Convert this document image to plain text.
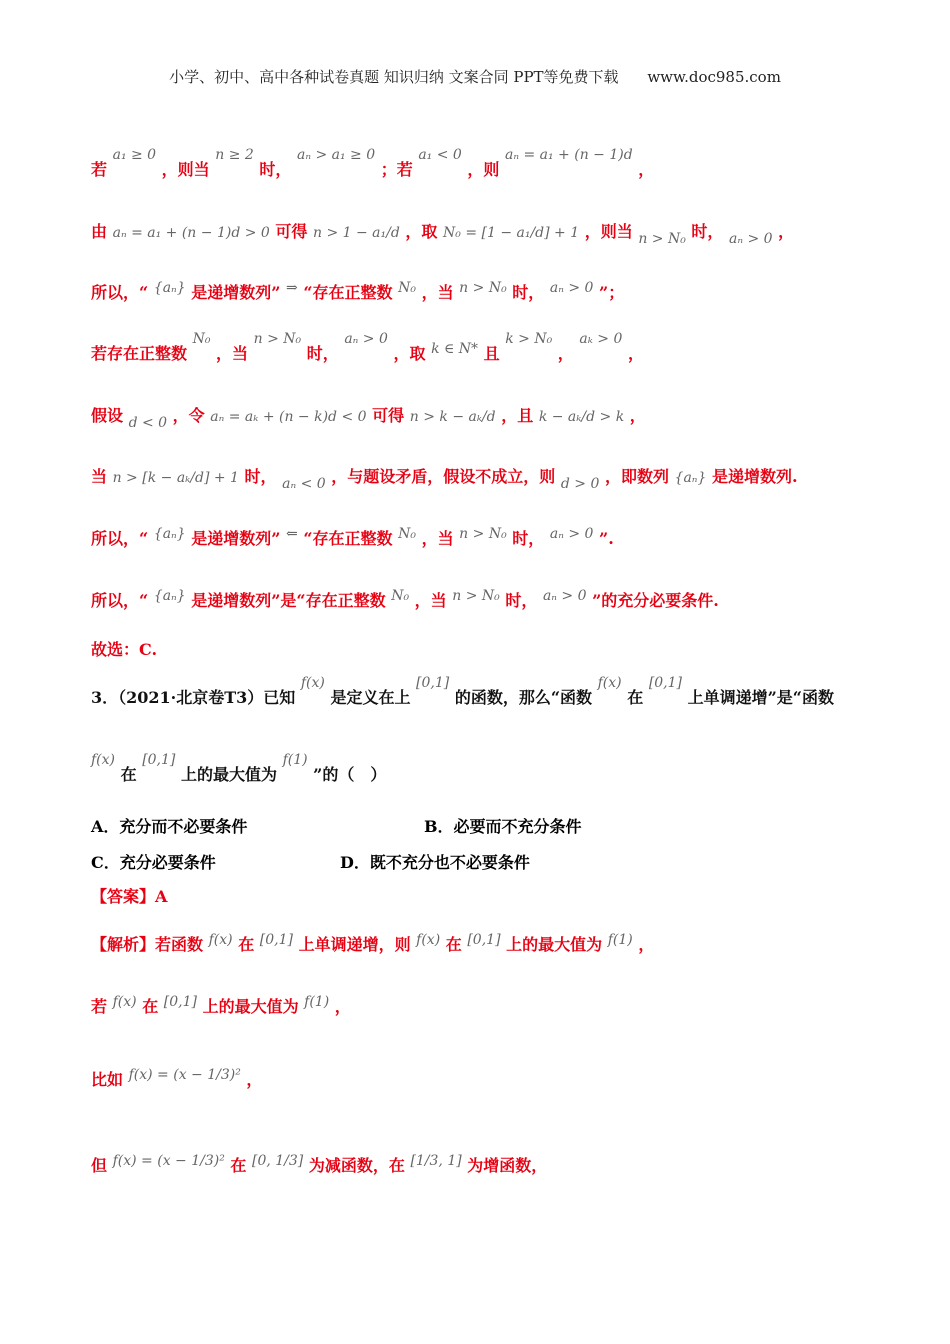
小学、初中、高中各种试卷真题 知识归纳 文案合同 PPT等免费下载 www.doc985.com
若 a₁ ≥ 0 ，则当 n ≥ 2 时， aₙ > a₁ ≥ 0 ；若 a₁ < 0 ，则 aₙ = a₁ + (n − 1)d ，
由 aₙ = a₁ + (n − 1)d > 0 可得 n > 1 − a₁/d ，取 N₀ = [1 − a₁/d] + 1 ，则当 n > N₀ 时， aₙ > 0 ，
所以，“ {aₙ} 是递增数列” ⇒ “存在正整数 N₀ ，当 n > N₀ 时， aₙ > 0 ”；
若存在正整数 N₀ ，当 n > N₀ 时， aₙ > 0 ，取 k ∈ N* 且 k > N₀ ， aₖ > 0 ，
假设 d < 0 ，令 aₙ = aₖ + (n − k)d < 0 可得 n > k − aₖ/d ，且 k − aₖ/d > k ，
当 n > [k − aₖ/d] + 1 时， aₙ < 0 ，与题设矛盾，假设不成立，则 d > 0 ，即数列 {aₙ} 是递增数列.
所以，“ {aₙ} 是递增数列” ⇐ “存在正整数 N₀ ，当 n > N₀ 时， aₙ > 0 ”.
所以，“ {aₙ} 是递增数列”是“存在正整数 N₀ ，当 n > N₀ 时， aₙ > 0 ”的充分必要条件.
故选：C.
3．（2021·北京卷T3）已知 f(x) 是定义在上 [0,1] 的函数，那么“函数 f(x) 在 [0,1] 上单调递增”是“函数
f(x) 在 [0,1] 上的最大值为 f(1) ”的（　）
A．充分而不必要条件	B．必要而不充分条件
C．充分必要条件	D．既不充分也不必要条件
【答案】A
【解析】若函数 f(x) 在 [0,1] 上单调递增，则 f(x) 在 [0,1] 上的最大值为 f(1) ，
若 f(x) 在 [0,1] 上的最大值为 f(1) ，
比如 f(x) = (x − 1/3)² ，
但 f(x) = (x − 1/3)² 在 [0, 1/3] 为减函数，在 [1/3, 1] 为增函数，
